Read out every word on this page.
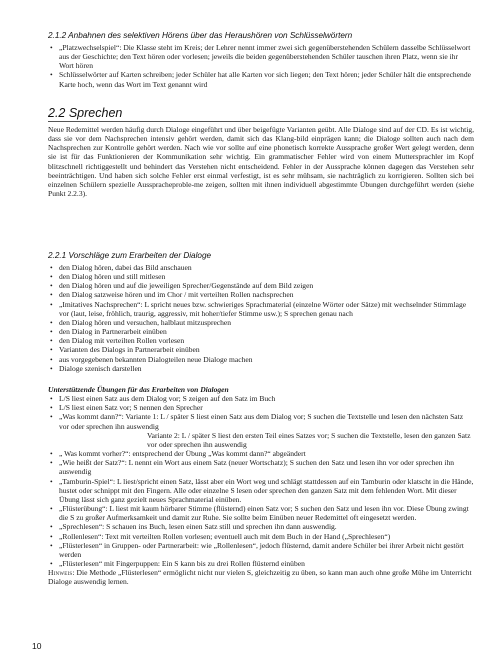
2.1.2 Anbahnen des selektiven Hörens über das Heraushören von Schlüsselwörtern
• „Platzwechselspiel“: Die Klasse steht im Kreis; der Lehrer nennt immer zwei sich gegenüberstehenden Schülern dasselbe Schlüsselwort aus der Geschichte; den Text hören oder vorlesen; jeweils die beiden gegenüberstehenden Schüler tauschen ihren Platz, wenn sie ihr Wort hören
• Schlüsselwörter auf Karten schreiben; jeder Schüler hat alle Karten vor sich liegen; den Text hören; jeder Schüler hält die entsprechende Karte hoch, wenn das Wort im Text genannt wird
2.2 Sprechen

Neue Redemittel werden häufig durch Dialoge eingeführt und über beigefügte Varianten geübt. Alle Dialoge sind auf der CD. Es ist wichtig, dass sie vor dem Nachsprechen intensiv gehört werden, damit sich das Klang-bild einprägen kann; die Dialoge sollten auch nach dem Nachsprechen zur Kontrolle gehört werden. Nach wie vor sollte auf eine phonetisch korrekte Aussprache großer Wert gelegt werden, denn sie ist für das Funktionieren der Kommunikation sehr wichtig. Ein grammatischer Fehler wird von einem Muttersprachler im Kopf blitzschnell richtiggestellt und behindert das Verstehen nicht entscheidend. Fehler in der Aussprache können dagegen das Verstehen sehr beeinträchtigen. Und haben sich solche Fehler erst einmal verfestigt, ist es sehr mühsam, sie nachträglich zu korrigieren. Sollten sich bei einzelnen Schülern spezielle Ausspracheproble-me zeigen, sollten mit ihnen individuell abgestimmte Übungen durchgeführt werden (siehe Punkt 2.2.3).

2.2.1 Vorschläge zum Erarbeiten der Dialoge
• den Dialog hören, dabei das Bild anschauen
• den Dialog hören und still mitlesen
• den Dialog hören und auf die jeweiligen Sprecher/Gegenstände auf dem Bild zeigen
• den Dialog satzweise hören und im Chor / mit verteilten Rollen nachsprechen
• „Imitatives Nachsprechen“: L spricht neues bzw. schwieriges Sprachmaterial (einzelne Wörter oder Sätze) mit wechselnder Stimmlage vor (laut, leise, fröhlich, traurig, aggressiv, mit hoher/tiefer Stimme usw.); S sprechen genau nach
• den Dialog hören und versuchen, halblaut mitzusprechen
• den Dialog in Partnerarbeit einüben
• den Dialog mit verteilten Rollen vorlesen
• Varianten des Dialogs in Partnerarbeit einüben
• aus vorgegebenen bekannten Dialogteilen neue Dialoge machen
• Dialoge szenisch darstellen

Unterstützende Übungen für das Erarbeiten von Dialogen

• L/S liest einen Satz aus dem Dialog vor; S zeigen auf den Satz im Buch
• L/S liest einen Satz vor; S nennen den Sprecher
• „Was kommt dann?“: Variante 1: L / später S liest einen Satz aus dem Dialog vor; S suchen die Textstelle und lesen den nächsten Satz vor oder sprechen ihn auswendig
Variante 2: L / später S liest den ersten Teil eines Satzes vor; S suchen die Textstelle, lesen den ganzen Satz vor oder sprechen ihn auswendig
• „ Was kommt vorher?“: entsprechend der Übung „Was kommt dann?“ abgeändert
• „Wie heißt der Satz?“: L nennt ein Wort aus einem Satz (neuer Wortschatz); S suchen den Satz und lesen ihn vor oder sprechen ihn auswendig
• „Tamburin-Spiel“: L liest/spricht einen Satz, lässt aber ein Wort weg und schlägt stattdessen auf ein Tamburin oder klatscht in die Hände, hustet oder schnippt mit den Fingern. Alle oder einzelne S lesen oder sprechen den ganzen Satz mit dem fehlenden Wort. Mit dieser Übung lässt sich ganz gezielt neues Sprachmaterial einüben.
• „Flüsterübung“: L liest mit kaum hörbarer Stimme (flüsternd) einen Satz vor; S suchen den Satz und lesen ihn vor. Diese Übung zwingt die S zu großer Aufmerksamkeit und damit zur Ruhe. Sie sollte beim Einüben neuer Redemittel oft eingesetzt werden.
• „Sprechlesen“: S schauen ins Buch, lesen einen Satz still und sprechen ihn dann auswendig.
• „Rollenlesen“: Text mit verteilten Rollen vorlesen; eventuell auch mit dem Buch in der Hand („Sprechlesen“)
• „Flüsterlesen“ in Gruppen- oder Partnerarbeit: wie „Rollenlesen“, jedoch flüsternd, damit andere Schüler bei ihrer Arbeit nicht gestört werden
• „Flüsterlesen“ mit Fingerpuppen: Ein S kann bis zu drei Rollen flüsternd einüben

Hinweis: Die Methode „Flüsterlesen“ ermöglicht nicht nur vielen S, gleichzeitig zu üben, so kann man auch ohne große Mühe im Unterricht Dialoge auswendig lernen.

10
